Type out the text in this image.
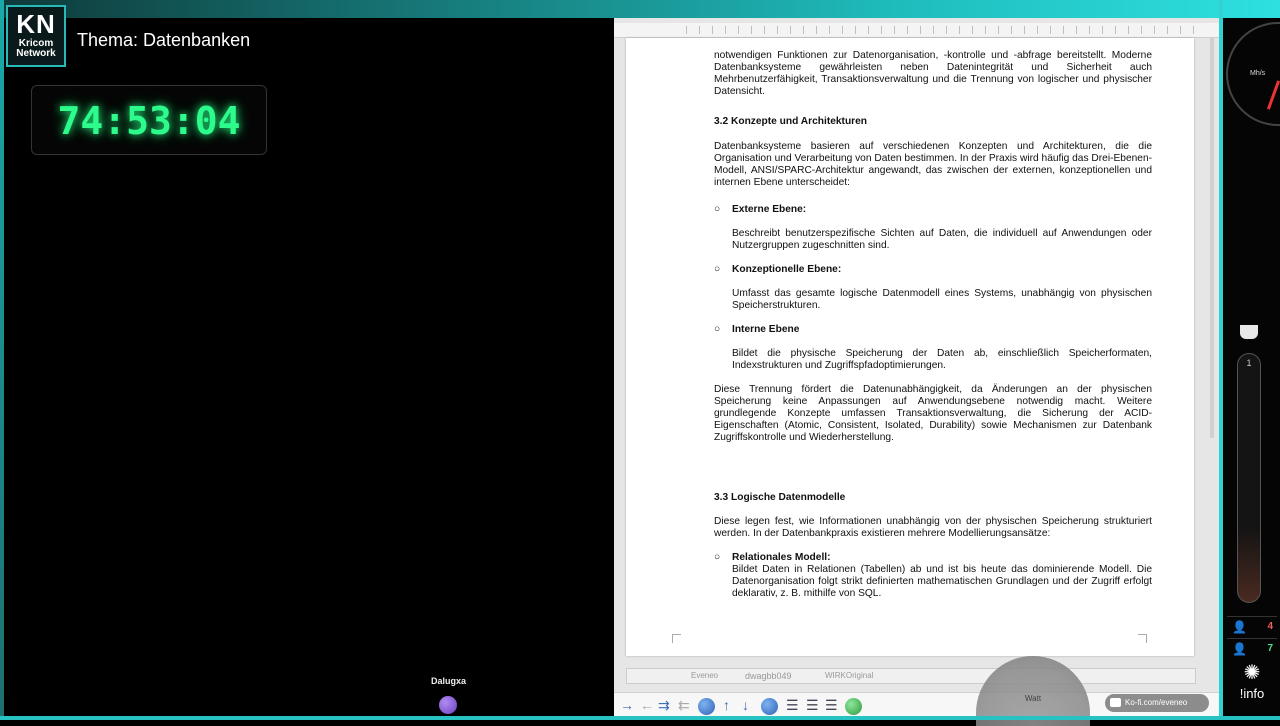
KN
Kricom
Network
Thema: Datenbanken
74:53:04
Dalugxa

notwendigen Funktionen zur Datenorganisation, -kontrolle und -abfrage bereitstellt. Moderne Datenbanksysteme gewährleisten neben Datenintegrität und Sicherheit auch Mehrbenutzerfähigkeit, Transaktionsverwaltung und die Trennung von logischer und physischer Datensicht.

3.2 Konzepte und Architekturen

Datenbanksysteme basieren auf verschiedenen Konzepten und Architekturen, die die Organisation und Verarbeitung von Daten bestimmen. In der Praxis wird häufig das Drei-Ebenen-Modell, ANSI/SPARC-Architektur angewandt, das zwischen der externen, konzeptionellen und internen Ebene unterscheidet:

○ Externe Ebene:

Beschreibt benutzerspezifische Sichten auf Daten, die individuell auf Anwendungen oder Nutzergruppen zugeschnitten sind.

○ Konzeptionelle Ebene:

Umfasst das gesamte logische Datenmodell eines Systems, unabhängig von physischen Speicherstrukturen.

○ Interne Ebene

Bildet die physische Speicherung der Daten ab, einschließlich Speicherformaten, Indexstrukturen und Zugriffspfadoptimierungen.

Diese Trennung fördert die Datenunabhängigkeit, da Änderungen an der physischen Speicherung keine Anpassungen auf Anwendungsebene notwendig macht. Weitere grundlegende Konzepte umfassen Transaktionsverwaltung, die Sicherung der ACID-Eigenschaften (Atomic, Consistent, Isolated, Durability) sowie Mechanismen zur Datenbank Zugriffskontrolle und Wiederherstellung.

3.3 Logische Datenmodelle

Diese legen fest, wie Informationen unabhängig von der physischen Speicherung strukturiert werden. In der Datenbankpraxis existieren mehrere Modellierungsansätze:

○ Relationales Modell:

Bildet Daten in Relationen (Tabellen) ab und ist bis heute das dominierende Modell. Die Datenorganisation folgt strikt definierten mathematischen Grundlagen und der Zugriff erfolgt deklarativ, z. B. mithilfe von SQL.

dwagbb049
Eveneo	WIRKOriginal
→ ← ⇉ ⇇ ↑ ↓	☰ ☰ ☰	Watt	Ko-fi.com/eveneo
Mh/s
1
👤 4
👤 7
✺
!info
